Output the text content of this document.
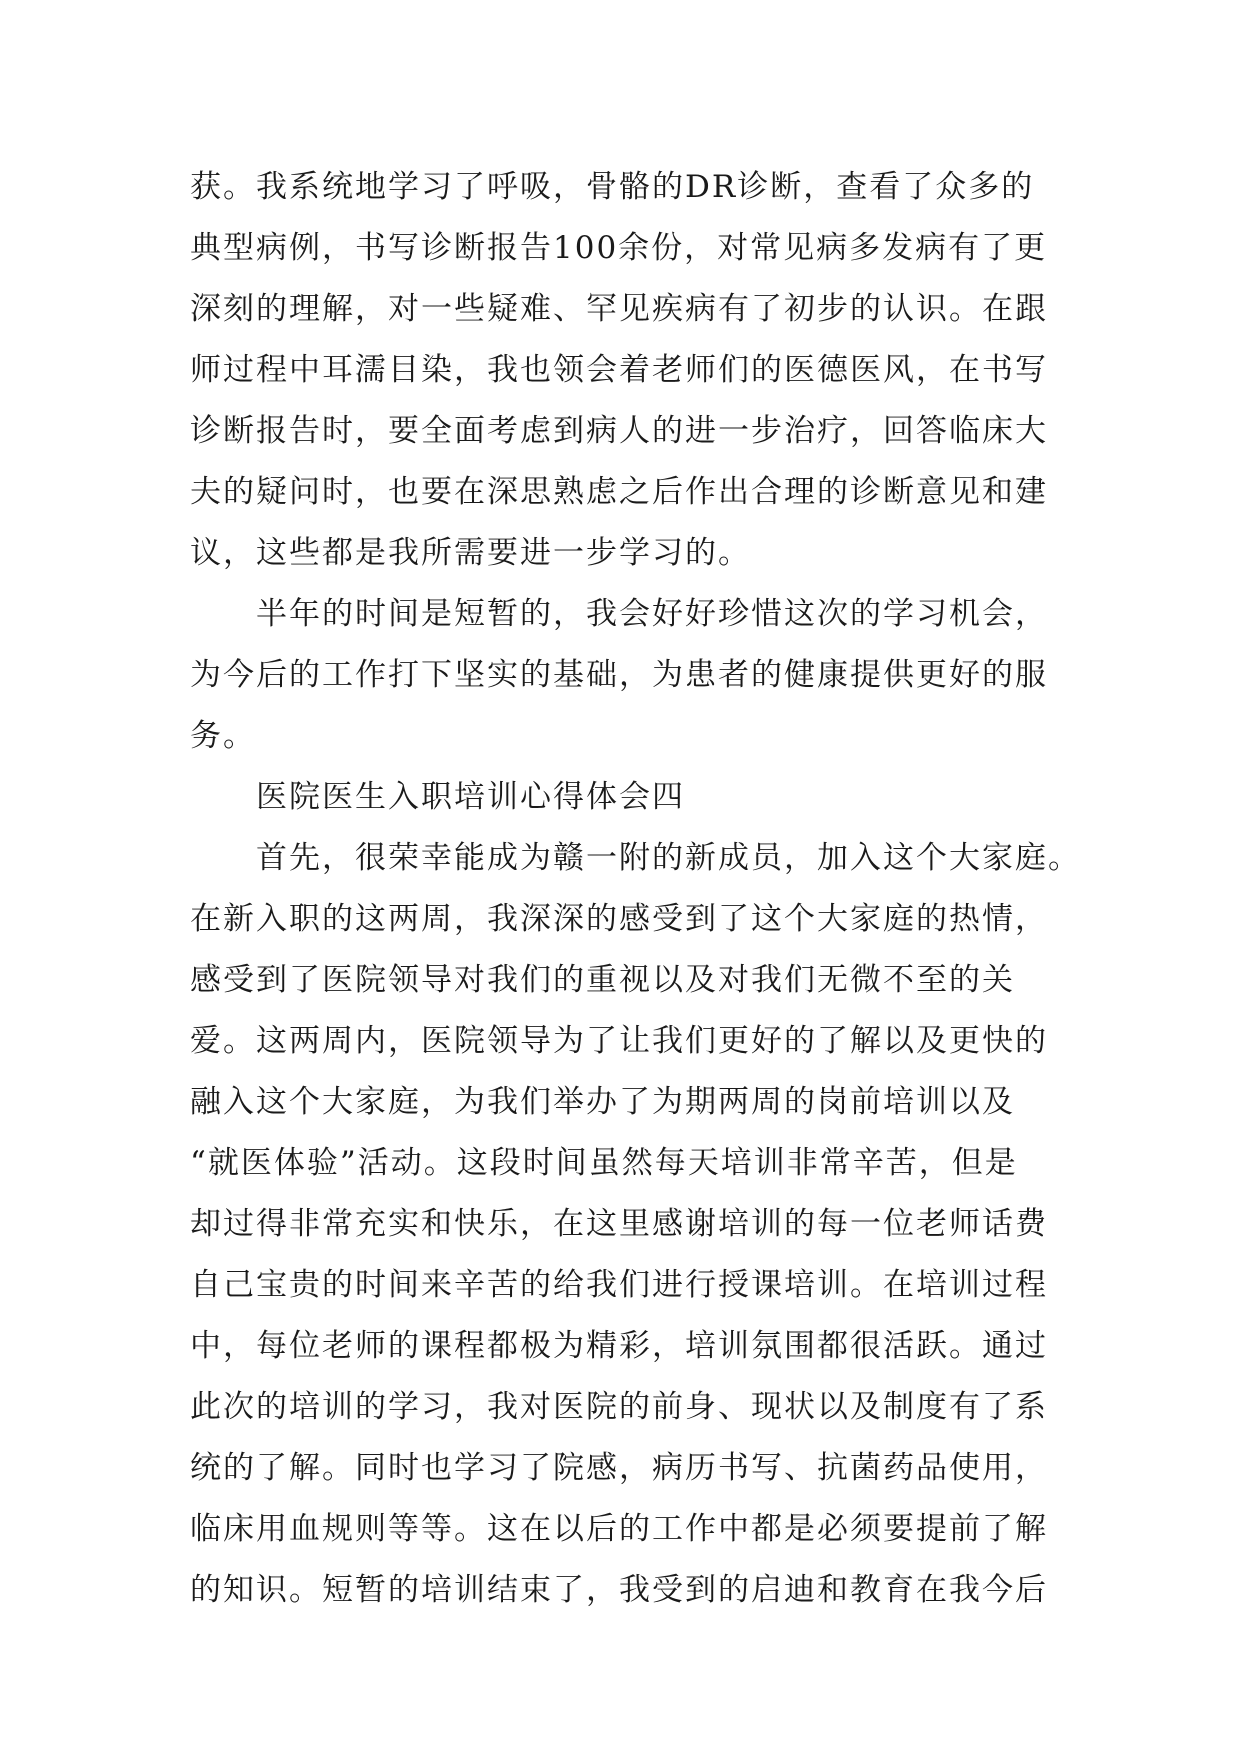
获。我系统地学习了呼吸，骨骼的DR诊断，查看了众多的
典型病例，书写诊断报告100余份，对常见病多发病有了更
深刻的理解，对一些疑难、罕见疾病有了初步的认识。在跟
师过程中耳濡目染，我也领会着老师们的医德医风，在书写
诊断报告时，要全面考虑到病人的进一步治疗，回答临床大
夫的疑问时，也要在深思熟虑之后作出合理的诊断意见和建
议，这些都是我所需要进一步学习的。
半年的时间是短暂的，我会好好珍惜这次的学习机会，
为今后的工作打下坚实的基础，为患者的健康提供更好的服
务。
医院医生入职培训心得体会四
首先，很荣幸能成为赣一附的新成员，加入这个大家庭。
在新入职的这两周，我深深的感受到了这个大家庭的热情，
感受到了医院领导对我们的重视以及对我们无微不至的关
爱。这两周内，医院领导为了让我们更好的了解以及更快的
融入这个大家庭，为我们举办了为期两周的岗前培训以及
“就医体验”活动。这段时间虽然每天培训非常辛苦，但是
却过得非常充实和快乐，在这里感谢培训的每一位老师话费
自己宝贵的时间来辛苦的给我们进行授课培训。在培训过程
中，每位老师的课程都极为精彩，培训氛围都很活跃。通过
此次的培训的学习，我对医院的前身、现状以及制度有了系
统的了解。同时也学习了院感，病历书写、抗菌药品使用，
临床用血规则等等。这在以后的工作中都是必须要提前了解
的知识。短暂的培训结束了，我受到的启迪和教育在我今后
